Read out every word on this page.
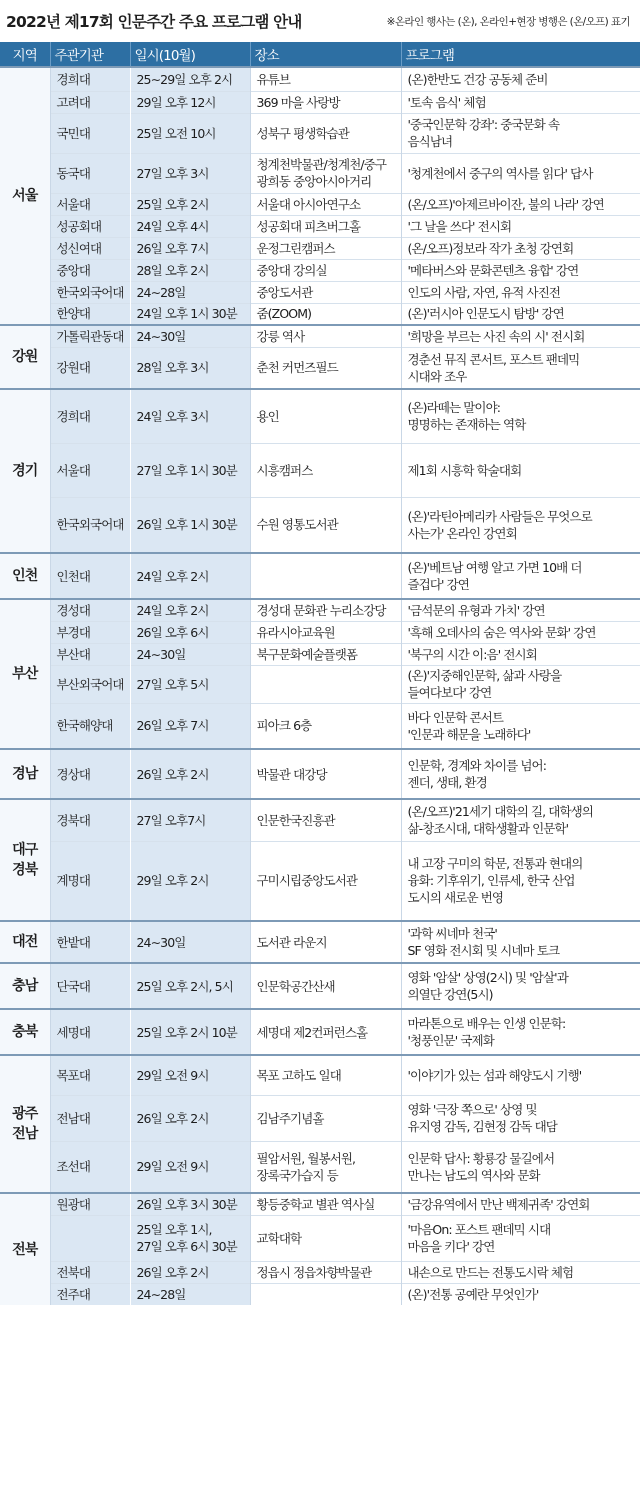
2022년 제17회 인문주간 주요 프로그램 안내	※온라인 행사는 (온), 온라인+현장 병행은 (온/오프) 표기
지역	주관기관	일시(10월)	장소	프로그램
서울	경희대	25∼29일 오후 2시	유튜브	(온)한반도 건강 공동체 준비
	고려대	29일 오후 12시	369 마을 사랑방	'토속 음식' 체험
	국민대	25일 오전 10시	성북구 평생학습관	'중국인문학 강좌': 중국문화 속
음식남녀
	동국대	27일 오후 3시	청계천박물관/청계천/중구
광희동 중앙아시아거리	'청계천에서 중구의 역사를 읽다' 답사
	서울대	25일 오후 2시	서울대 아시아연구소	(온/오프)'아제르바이잔, 불의 나라' 강연
	성공회대	24일 오후 4시	성공회대 피츠버그홀	'그 날을 쓰다' 전시회
	성신여대	26일 오후 7시	운정그린캠퍼스	(온/오프)정보라 작가 초청 강연회
	중앙대	28일 오후 2시	중앙대 강의실	'메타버스와 문화콘텐츠 융합' 강연
	한국외국어대	24∼28일	중앙도서관	인도의 사람, 자연, 유적 사진전
	한양대	24일 오후 1시 30분	줌(ZOOM)	(온)'러시아 인문도시 탐방' 강연
강원	가톨릭관동대	24∼30일	강릉 역사	'희망을 부르는 사진 속의 시' 전시회
	강원대	28일 오후 3시	춘천 커먼즈필드	경춘선 뮤직 콘서트, 포스트 팬데믹
시대와 조우
경기	경희대	24일 오후 3시	용인	(온)라떼는 말이야:
명명하는 존재하는 역학
	서울대	27일 오후 1시 30분	시흥캠퍼스	제1회 시흥학 학술대회
	한국외국어대	26일 오후 1시 30분	수원 영통도서관	(온)'라틴아메리카 사람들은 무엇으로
사는가' 온라인 강연회
인천	인천대	24일 오후 2시		(온)'베트남 여행 알고 가면 10배 더
즐겁다' 강연
부산	경성대	24일 오후 2시	경성대 문화관 누리소강당	'금석문의 유형과 가치' 강연
	부경대	26일 오후 6시	유라시아교육원	'흑해 오데사의 숨은 역사와 문화' 강연
	부산대	24∼30일	북구문화예술플랫폼	'북구의 시간 이:음' 전시회
	부산외국어대	27일 오후 5시		(온)'지중해인문학, 삶과 사랑을
들여다보다' 강연
	한국해양대	26일 오후 7시	피아크 6층	바다 인문학 콘서트
'인문과 해문을 노래하다'
경남	경상대	26일 오후 2시	박물관 대강당	인문학, 경계와 차이를 넘어:
젠더, 생태, 환경
대구
경북	경북대	27일 오후7시	인문한국진흥관	(온/오프)'21세기 대학의 길, 대학생의
삶-창조시대, 대학생활과 인문학'
	계명대	29일 오후 2시	구미시립중앙도서관	내 고장 구미의 학문, 전통과 현대의
융화: 기후위기, 인류세, 한국 산업
도시의 새로운 번영
대전	한밭대	24∼30일	도서관 라운지	'과학 씨네마 천국'
SF 영화 전시회 및 시네마 토크
충남	단국대	25일 오후 2시, 5시	인문학공간산새	영화 '암살' 상영(2시) 및 '암살'과
의열단 강연(5시)
충북	세명대	25일 오후 2시 10분	세명대 제2컨퍼런스홀	마라톤으로 배우는 인생 인문학:
'청풍인문' 국제화
광주
전남	목포대	29일 오전 9시	목포 고하도 일대	'이야기가 있는 섬과 해양도시 기행'
	전남대	26일 오후 2시	김남주기념홀	영화 '극장 쪽으로' 상영 및
유지영 감독, 김현정 감독 대담
	조선대	29일 오전 9시	필암서원, 월봉서원,
장록국가습지 등	인문학 답사: 황룡강 물길에서
만나는 남도의 역사와 문화
전북	원광대	26일 오후 3시 30분	황등중학교 별관 역사실	'금강유역에서 만난 백제귀족' 강연회
		25일 오후 1시,
27일 오후 6시 30분	교학대학	'마음On: 포스트 팬데믹 시대
마음을 키다' 강연
	전북대	26일 오후 2시	정읍시 정읍차향박물관	내손으로 만드는 전통도시락 체험
	전주대	24∼28일		(온)'전통 공예란 무엇인가'
